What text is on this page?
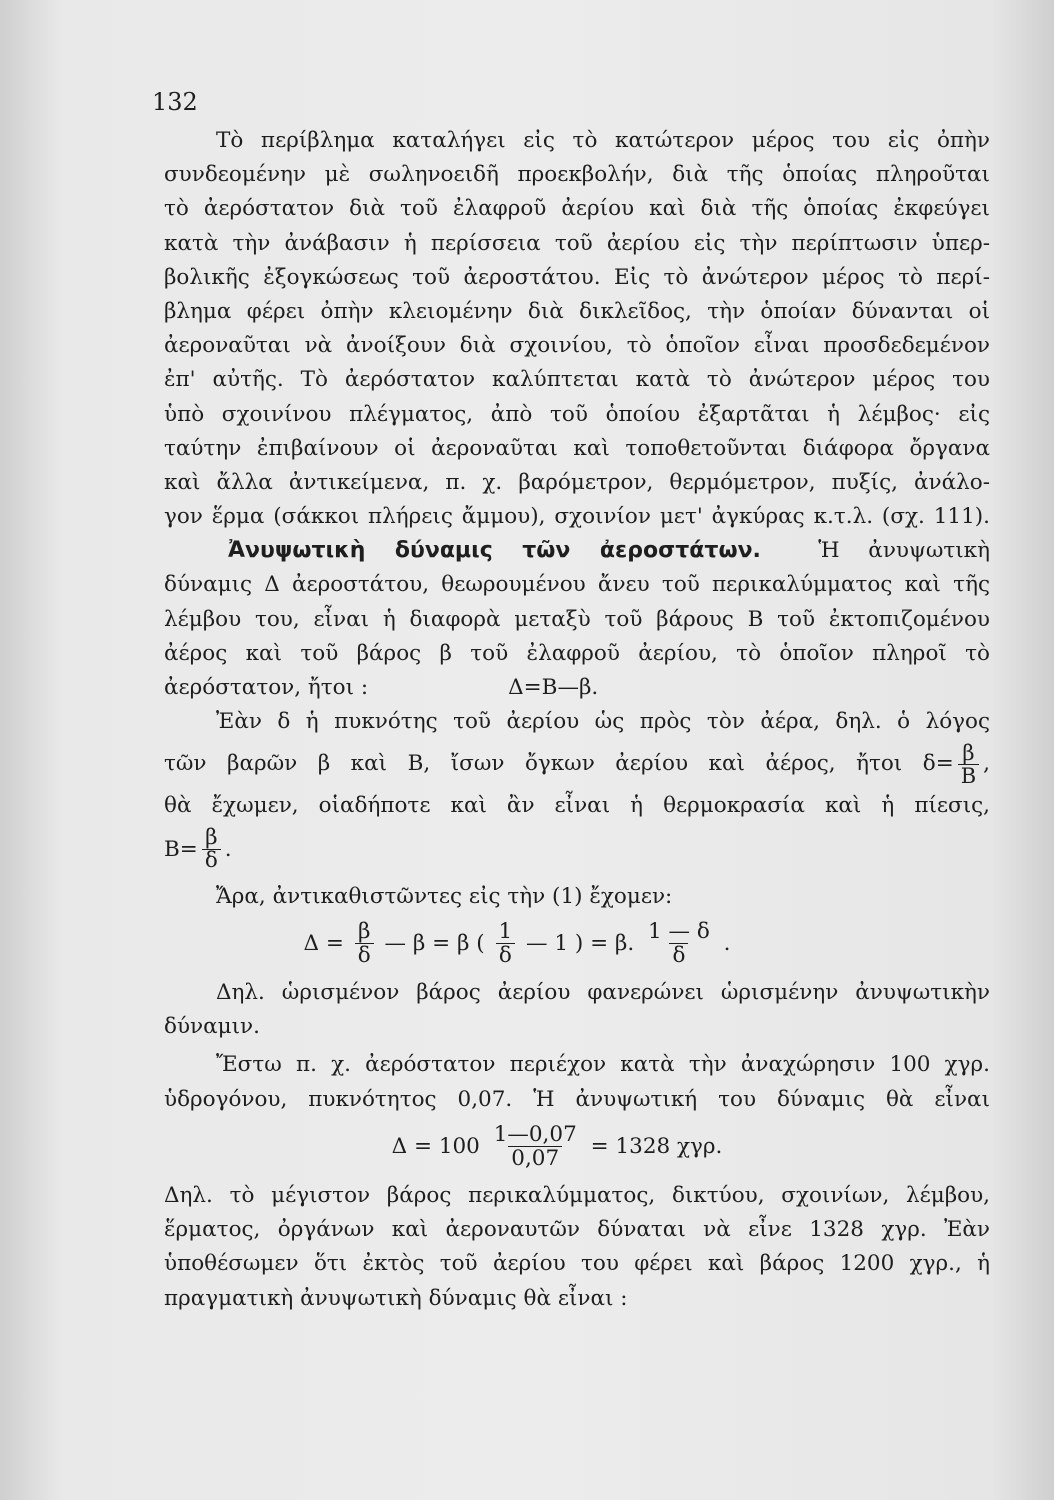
132
Τὸ περίβλημα καταλήγει εἰς τὸ κατώτερον μέρος του εἰς ὀπὴν
συνδεομένην μὲ σωληνοειδῆ προεκβολήν, διὰ τῆς ὁποίας πληροῦται
τὸ ἀερόστατον διὰ τοῦ ἐλαφροῦ ἀερίου καὶ διὰ τῆς ὁποίας ἐκφεύγει
κατὰ τὴν ἀνάβασιν ἡ περίσσεια τοῦ ἀερίου εἰς τὴν περίπτωσιν ὑπερ-
βολικῆς ἐξογκώσεως τοῦ ἀεροστάτου. Εἰς τὸ ἀνώτερον μέρος τὸ περί-
βλημα φέρει ὀπὴν κλειομένην διὰ δικλεῖδος, τὴν ὁποίαν δύνανται οἱ
ἀεροναῦται νὰ ἀνοίξουν διὰ σχοινίου, τὸ ὁποῖον εἶναι προσδεδεμένον
ἐπ' αὐτῆς. Τὸ ἀερόστατον καλύπτεται κατὰ τὸ ἀνώτερον μέρος του
ὑπὸ σχοινίνου πλέγματος, ἀπὸ τοῦ ὁποίου ἐξαρτᾶται ἡ λέμβος· εἰς
ταύτην ἐπιβαίνουν οἱ ἀεροναῦται καὶ τοποθετοῦνται διάφορα ὄργανα
καὶ ἄλλα ἀντικείμενα, π. χ. βαρόμετρον, θερμόμετρον, πυξίς, ἀνάλο-
γον ἕρμα (σάκκοι πλήρεις ἄμμου), σχοινίον μετ' ἀγκύρας κ.τ.λ. (σχ. 111).
Ἀνυψωτικὴ δύναμις τῶν ἀεροστάτων.	Ἡ ἀνυψωτικὴ
δύναμις Δ ἀεροστάτου, θεωρουμένου ἄνευ τοῦ περικαλύμματος καὶ τῆς
λέμβου του, εἶναι ἡ διαφορὰ μεταξὺ τοῦ βάρους Β τοῦ ἐκτοπιζομένου
ἀέρος καὶ τοῦ βάρος β τοῦ ἐλαφροῦ ἀερίου, τὸ ὁποῖον πληροῖ τὸ
ἀερόστατον, ἤτοι :	Δ=Β—β.
Ἐὰν δ ἡ πυκνότης τοῦ ἀερίου ὡς πρὸς τὸν ἀέρα, δηλ. ὁ λόγος
τῶν βαρῶν β καὶ Β, ἴσων ὄγκων ἀερίου καὶ ἀέρος, ἤτοι $\delta= \frac{\beta}{B}$ ,
θὰ ἔχωμεν, οἱαδήποτε καὶ ἂν εἶναι ἡ θερμοκρασία καὶ ἡ πίεσις,
$B= \frac{\beta}{\delta}$ .
Ἄρα, ἀντικαθιστῶντες εἰς τὴν (1) ἔχομεν:
$\Delta = \frac{\beta}{\delta}$ — β = β ( $\frac{1}{\delta}$ — 1 ) = β. $\frac{1 — \delta}{\delta}$ .
Δηλ. ὡρισμένον βάρος ἀερίου φανερώνει ὡρισμένην ἀνυψωτικὴν
δύναμιν.
Ἔστω π. χ. ἀερόστατον περιέχον κατὰ τὴν ἀναχώρησιν 100 χγρ.
ὑδρογόνου, πυκνότητος 0,07. Ἡ ἀνυψωτική του δύναμις θὰ εἶναι
$\Delta = 100 \frac{1—0,07}{0,07} = 1328$ χγρ.
Δηλ. τὸ μέγιστον βάρος περικαλύμματος, δικτύου, σχοινίων, λέμβου,
ἕρματος, ὀργάνων καὶ ἀεροναυτῶν δύναται νὰ εἶνε 1328 χγρ. Ἐὰν
ὑποθέσωμεν ὅτι ἐκτὸς τοῦ ἀερίου του φέρει καὶ βάρος 1200 χγρ., ἡ
πραγματικὴ ἀνυψωτικὴ δύναμις θὰ εἶναι :
